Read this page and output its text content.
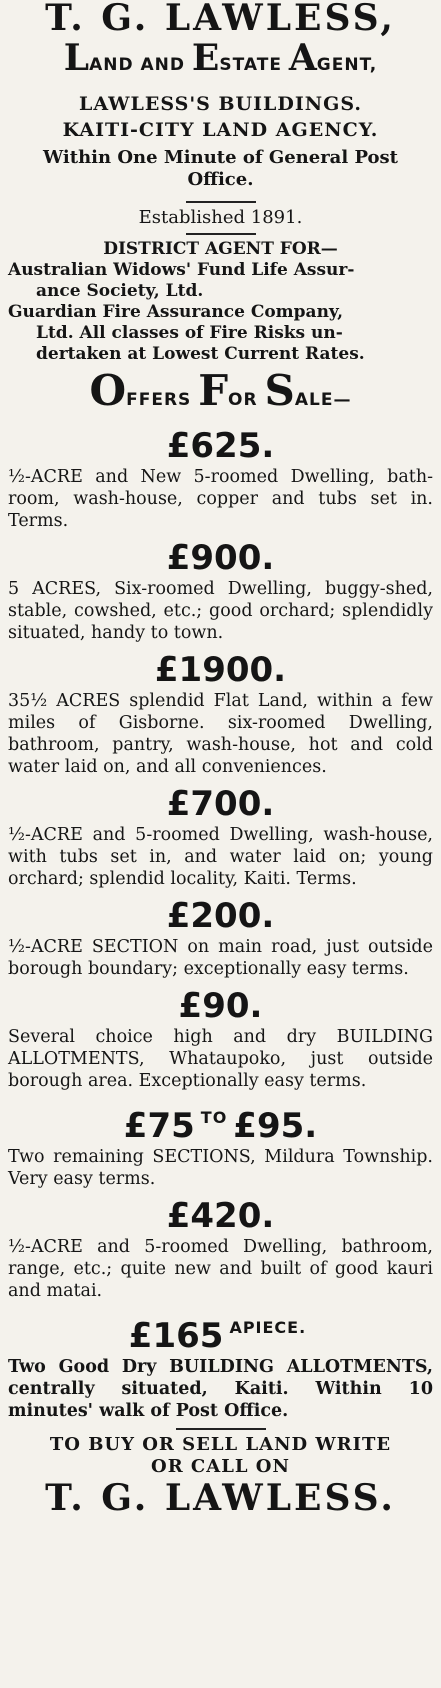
T. G. LAWLESS,
LAND AND ESTATE AGENT,
LAWLESS'S BUILDINGS.
KAITI-CITY LAND AGENCY.
Within One Minute of General Post Office.
Established 1891.
DISTRICT AGENT FOR—
Australian Widows' Fund Life Assur-
ance Society, Ltd.
Guardian Fire Assurance Company,
Ltd. All classes of Fire Risks un-
dertaken at Lowest Current Rates.
OFFERS FOR SALE—
£625.

½-ACRE and New 5-roomed Dwelling, bath-room, wash-house, copper and tubs set in. Terms.

£900.

5 ACRES, Six-roomed Dwelling, buggy-shed, stable, cowshed, etc.; good orchard; splendidly situated, handy to town.

£1900.

35½ ACRES splendid Flat Land, within a few miles of Gisborne. six-roomed Dwelling, bathroom, pantry, wash-house, hot and cold water laid on, and all conveniences.

£700.

½-ACRE and 5-roomed Dwelling, wash-house, with tubs set in, and water laid on; young orchard; splendid locality, Kaiti. Terms.

£200.

½-ACRE SECTION on main road, just outside borough boundary; exceptionally easy terms.

£90.

Several choice high and dry BUILDING ALLOTMENTS, Whataupoko, just outside borough area. Exceptionally easy terms.

£75 $^{TO}$ £95.

Two remaining SECTIONS, Mildura Township. Very easy terms.

£420.

½-ACRE and 5-roomed Dwelling, bathroom, range, etc.; quite new and built of good kauri and matai.

£165 $^{APIECE.}$

Two Good Dry BUILDING ALLOTMENTS, centrally situated, Kaiti. Within 10 minutes' walk of Post Office.

TO BUY OR SELL LAND WRITE
OR CALL ON
T. G. LAWLESS.
